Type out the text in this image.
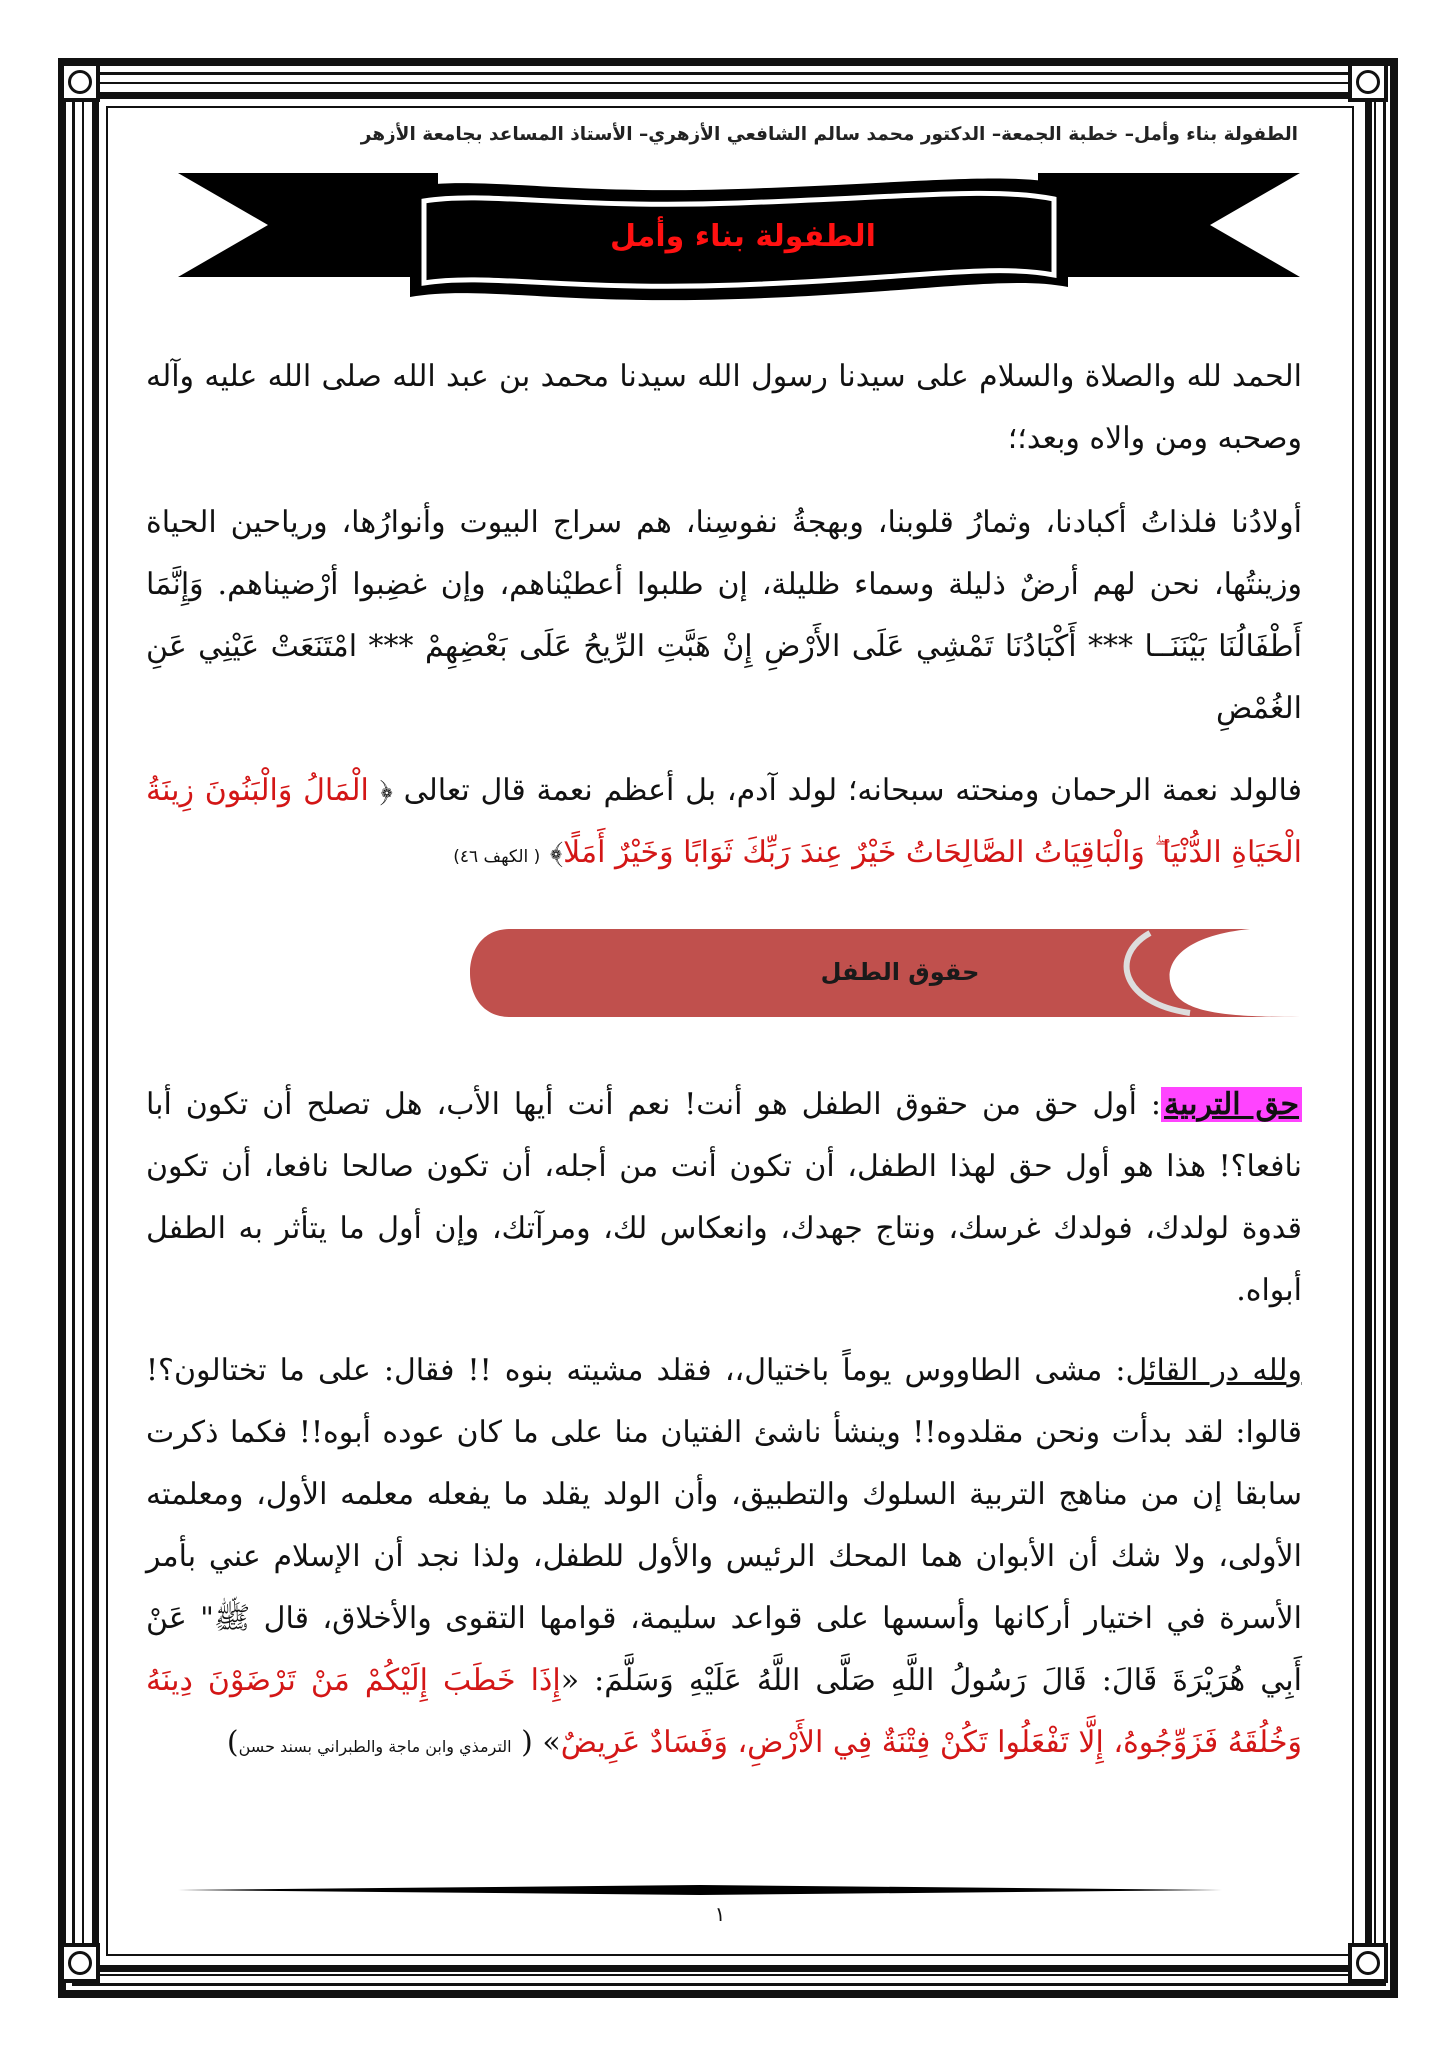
الطفولة بناء وأمل– خطبة الجمعة– الدكتور محمد سالم الشافعي الأزهري– الأستاذ المساعد بجامعة الأزهر
الطفولة بناء وأمل

الحمد لله والصلاة والسلام على سيدنا رسول الله سيدنا محمد بن عبد الله صلى الله عليه وآله وصحبه ومن والاه وبعد؛؛

أولادُنا فلذاتُ أكبادنا، وثمارُ قلوبنا، وبهجةُ نفوسِنا، هم سراج البيوت وأنوارُها، ورياحين الحياة وزينتُها، نحن لهم أرضٌ ذليلة وسماء ظليلة، إن طلبوا أعطيْناهم، وإن غضِبوا أرْضيناهم. وَإِنَّمَا أَطْفَالُنَا بَيْنَنَــا *** أَكْبَادُنَا تَمْشِي عَلَى الأَرْضِ إِنْ هَبَّتِ الرِّيحُ عَلَى بَعْضِهِمْ *** امْتَنَعَتْ عَيْنِي عَنِ الغُمْضِ

فالولد نعمة الرحمان ومنحته سبحانه؛ لولد آدم، بل أعظم نعمة قال تعالى ﴿ الْمَالُ وَالْبَنُونَ زِينَةُ الْحَيَاةِ الدُّنْيَا ۖ وَالْبَاقِيَاتُ الصَّالِحَاتُ خَيْرٌ عِندَ رَبِّكَ ثَوَابًا وَخَيْرٌ أَمَلًا﴾ ( الكهف ٤٦)

حقوق الطفل

حق التربية: أول حق من حقوق الطفل هو أنت! نعم أنت أيها الأب، هل تصلح أن تكون أبا نافعا؟! هذا هو أول حق لهذا الطفل، أن تكون أنت من أجله، أن تكون صالحا نافعا، أن تكون قدوة لولدك، فولدك غرسك، ونتاج جهدك، وانعكاس لك، ومرآتك، وإن أول ما يتأثر به الطفل أبواه.

ولله در القائل: مشى الطاووس يوماً باختيال،، فقلد مشيته بنوه !! فقال: على ما تختالون؟! قالوا: لقد بدأت ونحن مقلدوه!! وينشأ ناشئ الفتيان منا على ما كان عوده أبوه!! فكما ذكرت سابقا إن من مناهج التربية السلوك والتطبيق، وأن الولد يقلد ما يفعله معلمه الأول، ومعلمته الأولى، ولا شك أن الأبوان هما المحك الرئيس والأول للطفل، ولذا نجد أن الإسلام عني بأمر الأسرة في اختيار أركانها وأسسها على قواعد سليمة، قوامها التقوى والأخلاق، قال ﷺ" عَنْ أَبِي هُرَيْرَةَ قَالَ: قَالَ رَسُولُ اللَّهِ صَلَّى اللَّهُ عَلَيْهِ وَسَلَّمَ: «إِذَا خَطَبَ إِلَيْكُمْ مَنْ تَرْضَوْنَ دِينَهُ وَخُلُقَهُ فَزَوِّجُوهُ، إِلَّا تَفْعَلُوا تَكُنْ فِتْنَةٌ فِي الأَرْضِ، وَفَسَادٌ عَرِيضٌ» ( الترمذي وابن ماجة والطبراني بسند حسن)

١
